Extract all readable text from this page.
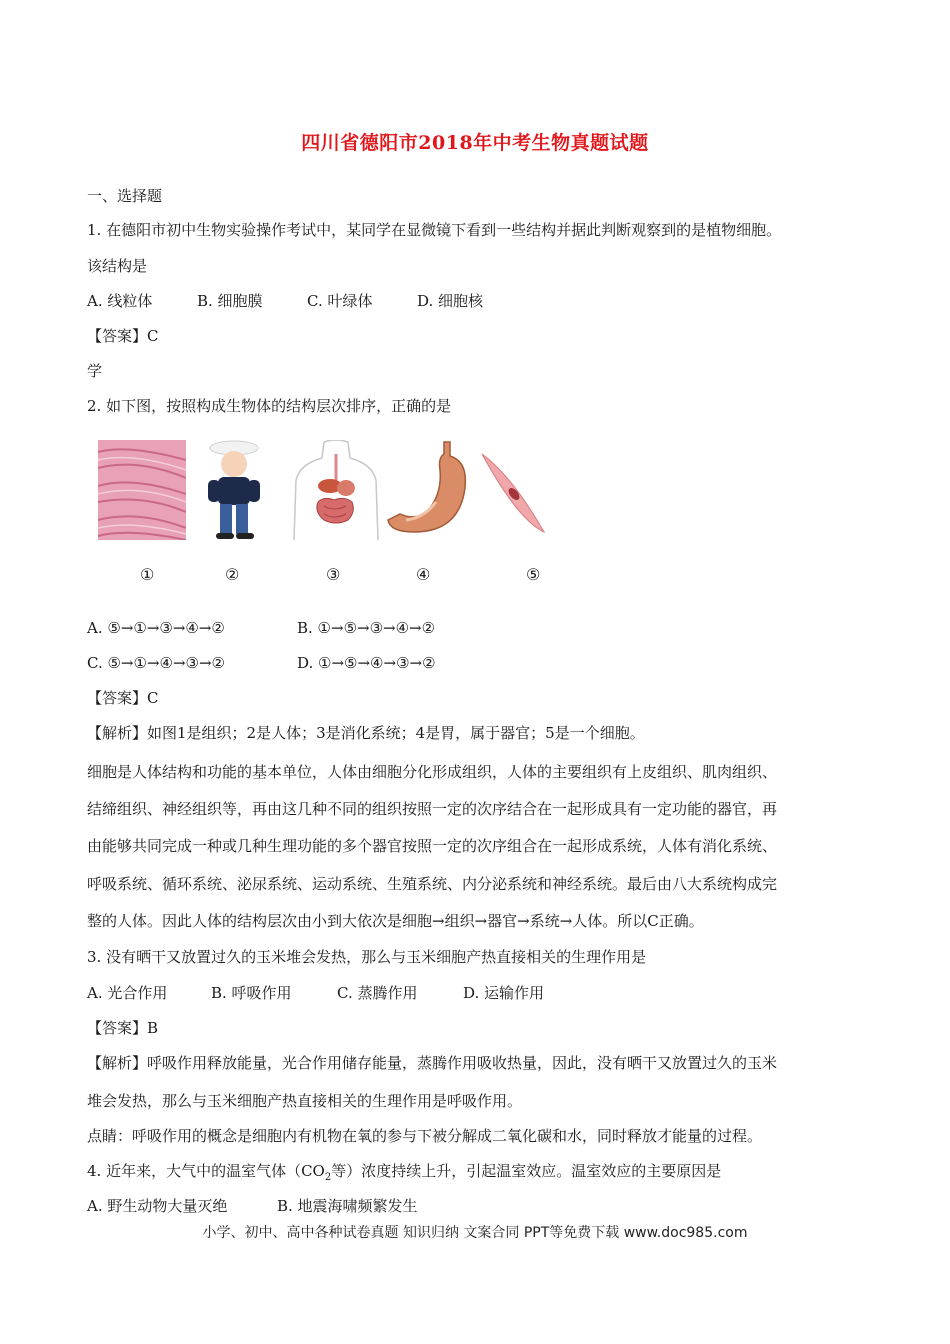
四川省德阳市2018年中考生物真题试题
一、选择题
1. 在德阳市初中生物实验操作考试中，某同学在显微镜下看到一些结构并据此判断观察到的是植物细胞。
该结构是
A. 线粒体	B. 细胞膜	C. 叶绿体	D. 细胞核
【答案】C
学
2. 如下图，按照构成生物体的结构层次排序，正确的是
①	②	③	④	⑤
A. ⑤→①→③→④→②	B. ①→⑤→③→④→②
C. ⑤→①→④→③→②	D. ①→⑤→④→③→②
【答案】C
【解析】如图1是组织；2是人体；3是消化系统；4是胃，属于器官；5是一个细胞。
细胞是人体结构和功能的基本单位，人体由细胞分化形成组织，人体的主要组织有上皮组织、肌肉组织、
结缔组织、神经组织等，再由这几种不同的组织按照一定的次序结合在一起形成具有一定功能的器官，再
由能够共同完成一种或几种生理功能的多个器官按照一定的次序组合在一起形成系统，人体有消化系统、
呼吸系统、循环系统、泌尿系统、运动系统、生殖系统、内分泌系统和神经系统。最后由八大系统构成完
整的人体。因此人体的结构层次由小到大依次是细胞→组织→器官→系统→人体。所以C正确。
3. 没有晒干又放置过久的玉米堆会发热，那么与玉米细胞产热直接相关的生理作用是
A. 光合作用	B. 呼吸作用	C. 蒸腾作用	D. 运输作用
【答案】B
【解析】呼吸作用释放能量，光合作用储存能量，蒸腾作用吸收热量，因此，没有晒干又放置过久的玉米
堆会发热，那么与玉米细胞产热直接相关的生理作用是呼吸作用。
点睛：呼吸作用的概念是细胞内有机物在氧的参与下被分解成二氧化碳和水，同时释放才能量的过程。
4. 近年来，大气中的温室气体（$CO_2$等）浓度持续上升，引起温室效应。温室效应的主要原因是
A. 野生动物大量灭绝	B. 地震海啸频繁发生
小学、初中、高中各种试卷真题 知识归纳 文案合同 PPT等免费下载 www.doc985.com
